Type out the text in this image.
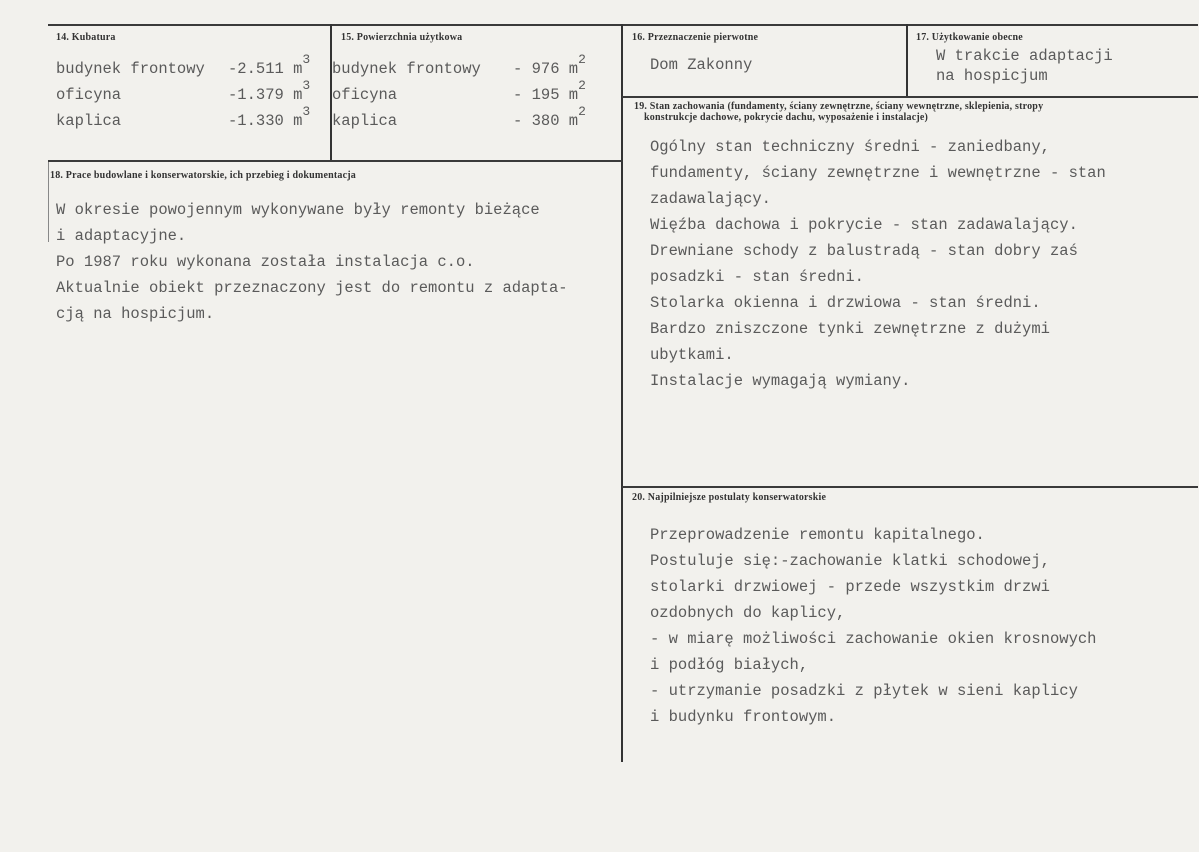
14. Kubatura
budynek frontowy -2.511 $m^3$
oficyna	-1.379 $m^3$
kaplica	-1.330 $m^3$
15. Powierzchnia użytkowa
budynek frontowy - 976 $m^2$
oficyna	- 195 $m^2$
kaplica	- 380 $m^2$
16. Przeznaczenie pierwotne
Dom Zakonny
17. Użytkowanie obecne
W trakcie adaptacji
na hospicjum
18. Prace budowlane i konserwatorskie, ich przebieg i dokumentacja
W okresie powojennym wykonywane były remonty bieżące
i adaptacyjne.
Po 1987 roku wykonana została instalacja c.o.
Aktualnie obiekt przeznaczony jest do remontu z adapta-
cją na hospicjum.
19. Stan zachowania (fundamenty, ściany zewnętrzne, ściany wewnętrzne, sklepienia, stropy
konstrukcje dachowe, pokrycie dachu, wyposażenie i instalacje)
Ogólny stan techniczny średni - zaniedbany,
fundamenty, ściany zewnętrzne i wewnętrzne - stan
zadawalający.
Więźba dachowa i pokrycie - stan zadawalający.
Drewniane schody z balustradą - stan dobry zaś
posadzki - stan średni.
Stolarka okienna i drzwiowa - stan średni.
Bardzo zniszczone tynki zewnętrzne z dużymi
ubytkami.
Instalacje wymagają wymiany.
20. Najpilniejsze postulaty konserwatorskie
Przeprowadzenie remontu kapitalnego.
Postuluje się:-zachowanie klatki schodowej,
stolarki drzwiowej - przede wszystkim drzwi
ozdobnych do kaplicy,
- w miarę możliwości zachowanie okien krosnowych
i podłóg białych,
- utrzymanie posadzki z płytek w sieni kaplicy
i budynku frontowym.
